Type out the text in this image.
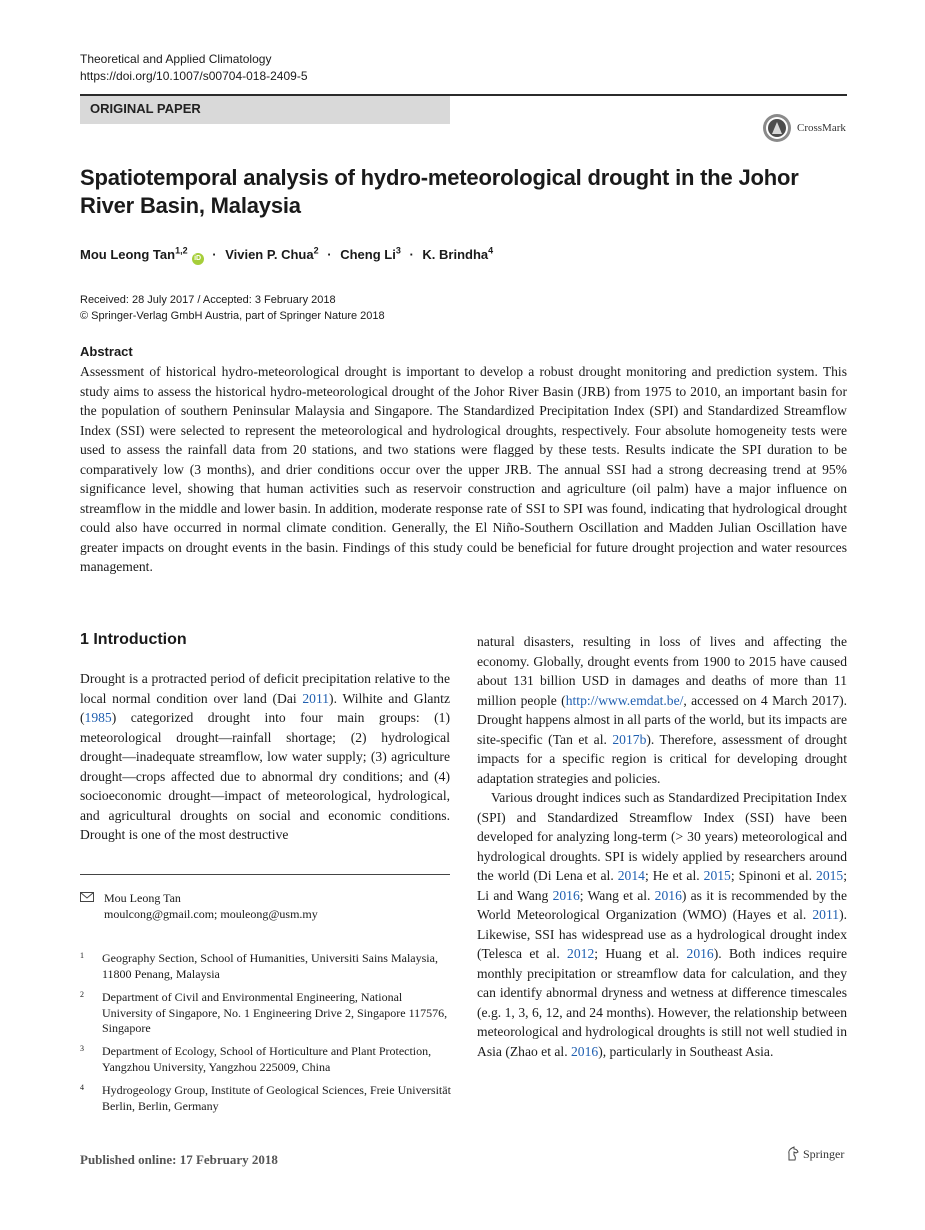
Theoretical and Applied Climatology
https://doi.org/10.1007/s00704-018-2409-5
ORIGINAL PAPER
CrossMark
Spatiotemporal analysis of hydro-meteorological drought in the Johor River Basin, Malaysia
Mou Leong Tan$^{1,2}$iD · Vivien P. Chua$^2$ · Cheng $Li^3 \cdot K$. Brindha$^4$
Received: 28 July 2017 / Accepted: 3 February 2018
© Springer-Verlag GmbH Austria, part of Springer Nature 2018
Abstract
Assessment of historical hydro-meteorological drought is important to develop a robust drought monitoring and prediction system. This study aims to assess the historical hydro-meteorological drought of the Johor River Basin (JRB) from 1975 to 2010, an important basin for the population of southern Peninsular Malaysia and Singapore. The Standardized Precipitation Index (SPI) and Standardized Streamflow Index (SSI) were selected to represent the meteorological and hydrological droughts, respectively. Four absolute homogeneity tests were used to assess the rainfall data from 20 stations, and two stations were flagged by these tests. Results indicate the SPI duration to be comparatively low (3 months), and drier conditions occur over the upper JRB. The annual SSI had a strong decreasing trend at 95% significance level, showing that human activities such as reservoir construction and agriculture (oil palm) have a major influence on streamflow in the middle and lower basin. In addition, moderate response rate of SSI to SPI was found, indicating that hydrological drought could also have occurred in normal climate condition. Generally, the El Niño-Southern Oscillation and Madden Julian Oscillation have greater impacts on drought events in the basin. Findings of this study could be beneficial for future drought projection and water resources management.
1 Introduction
Drought is a protracted period of deficit precipitation relative to the local normal condition over land (Dai 2011). Wilhite and Glantz (1985) categorized drought into four main groups: (1) meteorological drought—rainfall shortage; (2) hydrological drought—inadequate streamflow, low water supply; (3) agriculture drought—crops affected due to abnormal dry conditions; and (4) socioeconomic drought—impact of meteorological, hydrological, and agricultural droughts on social and economic conditions. Drought is one of the most destructive

natural disasters, resulting in loss of lives and affecting the economy. Globally, drought events from 1900 to 2015 have caused about 131 billion USD in damages and deaths of more than 11 million people (http://www.emdat.be/, accessed on 4 March 2017). Drought happens almost in all parts of the world, but its impacts are site-specific (Tan et al. 2017b). Therefore, assessment of drought impacts for a specific region is critical for developing drought adaptation strategies and policies.

Various drought indices such as Standardized Precipitation Index (SPI) and Standardized Streamflow Index (SSI) have been developed for analyzing long-term (> 30 years) meteorological and hydrological droughts. SPI is widely applied by researchers around the world (Di Lena et al. 2014; He et al. 2015; Spinoni et al. 2015; Li and Wang 2016; Wang et al. 2016) as it is recommended by the World Meteorological Organization (WMO) (Hayes et al. 2011). Likewise, SSI has widespread use as a hydrological drought index (Telesca et al. 2012; Huang et al. 2016). Both indices require monthly precipitation or streamflow data for calculation, and they can identify abnormal dryness and wetness at difference timescales (e.g. 1, 3, 6, 12, and 24 months). However, the relationship between meteorological and hydrological droughts is still not well studied in Asia (Zhao et al. 2016), particularly in Southeast Asia.

Mou Leong Tan
moulcong@gmail.com; mouleong@usm.my
1 Geography Section, School of Humanities, Universiti Sains Malaysia, 11800 Penang, Malaysia
2 Department of Civil and Environmental Engineering, National University of Singapore, No. 1 Engineering Drive 2, Singapore 117576, Singapore
3 Department of Ecology, School of Horticulture and Plant Protection, Yangzhou University, Yangzhou 225009, China
4 Hydrogeology Group, Institute of Geological Sciences, Freie Universität Berlin, Berlin, Germany
Published online: 17 February 2018	Springer
